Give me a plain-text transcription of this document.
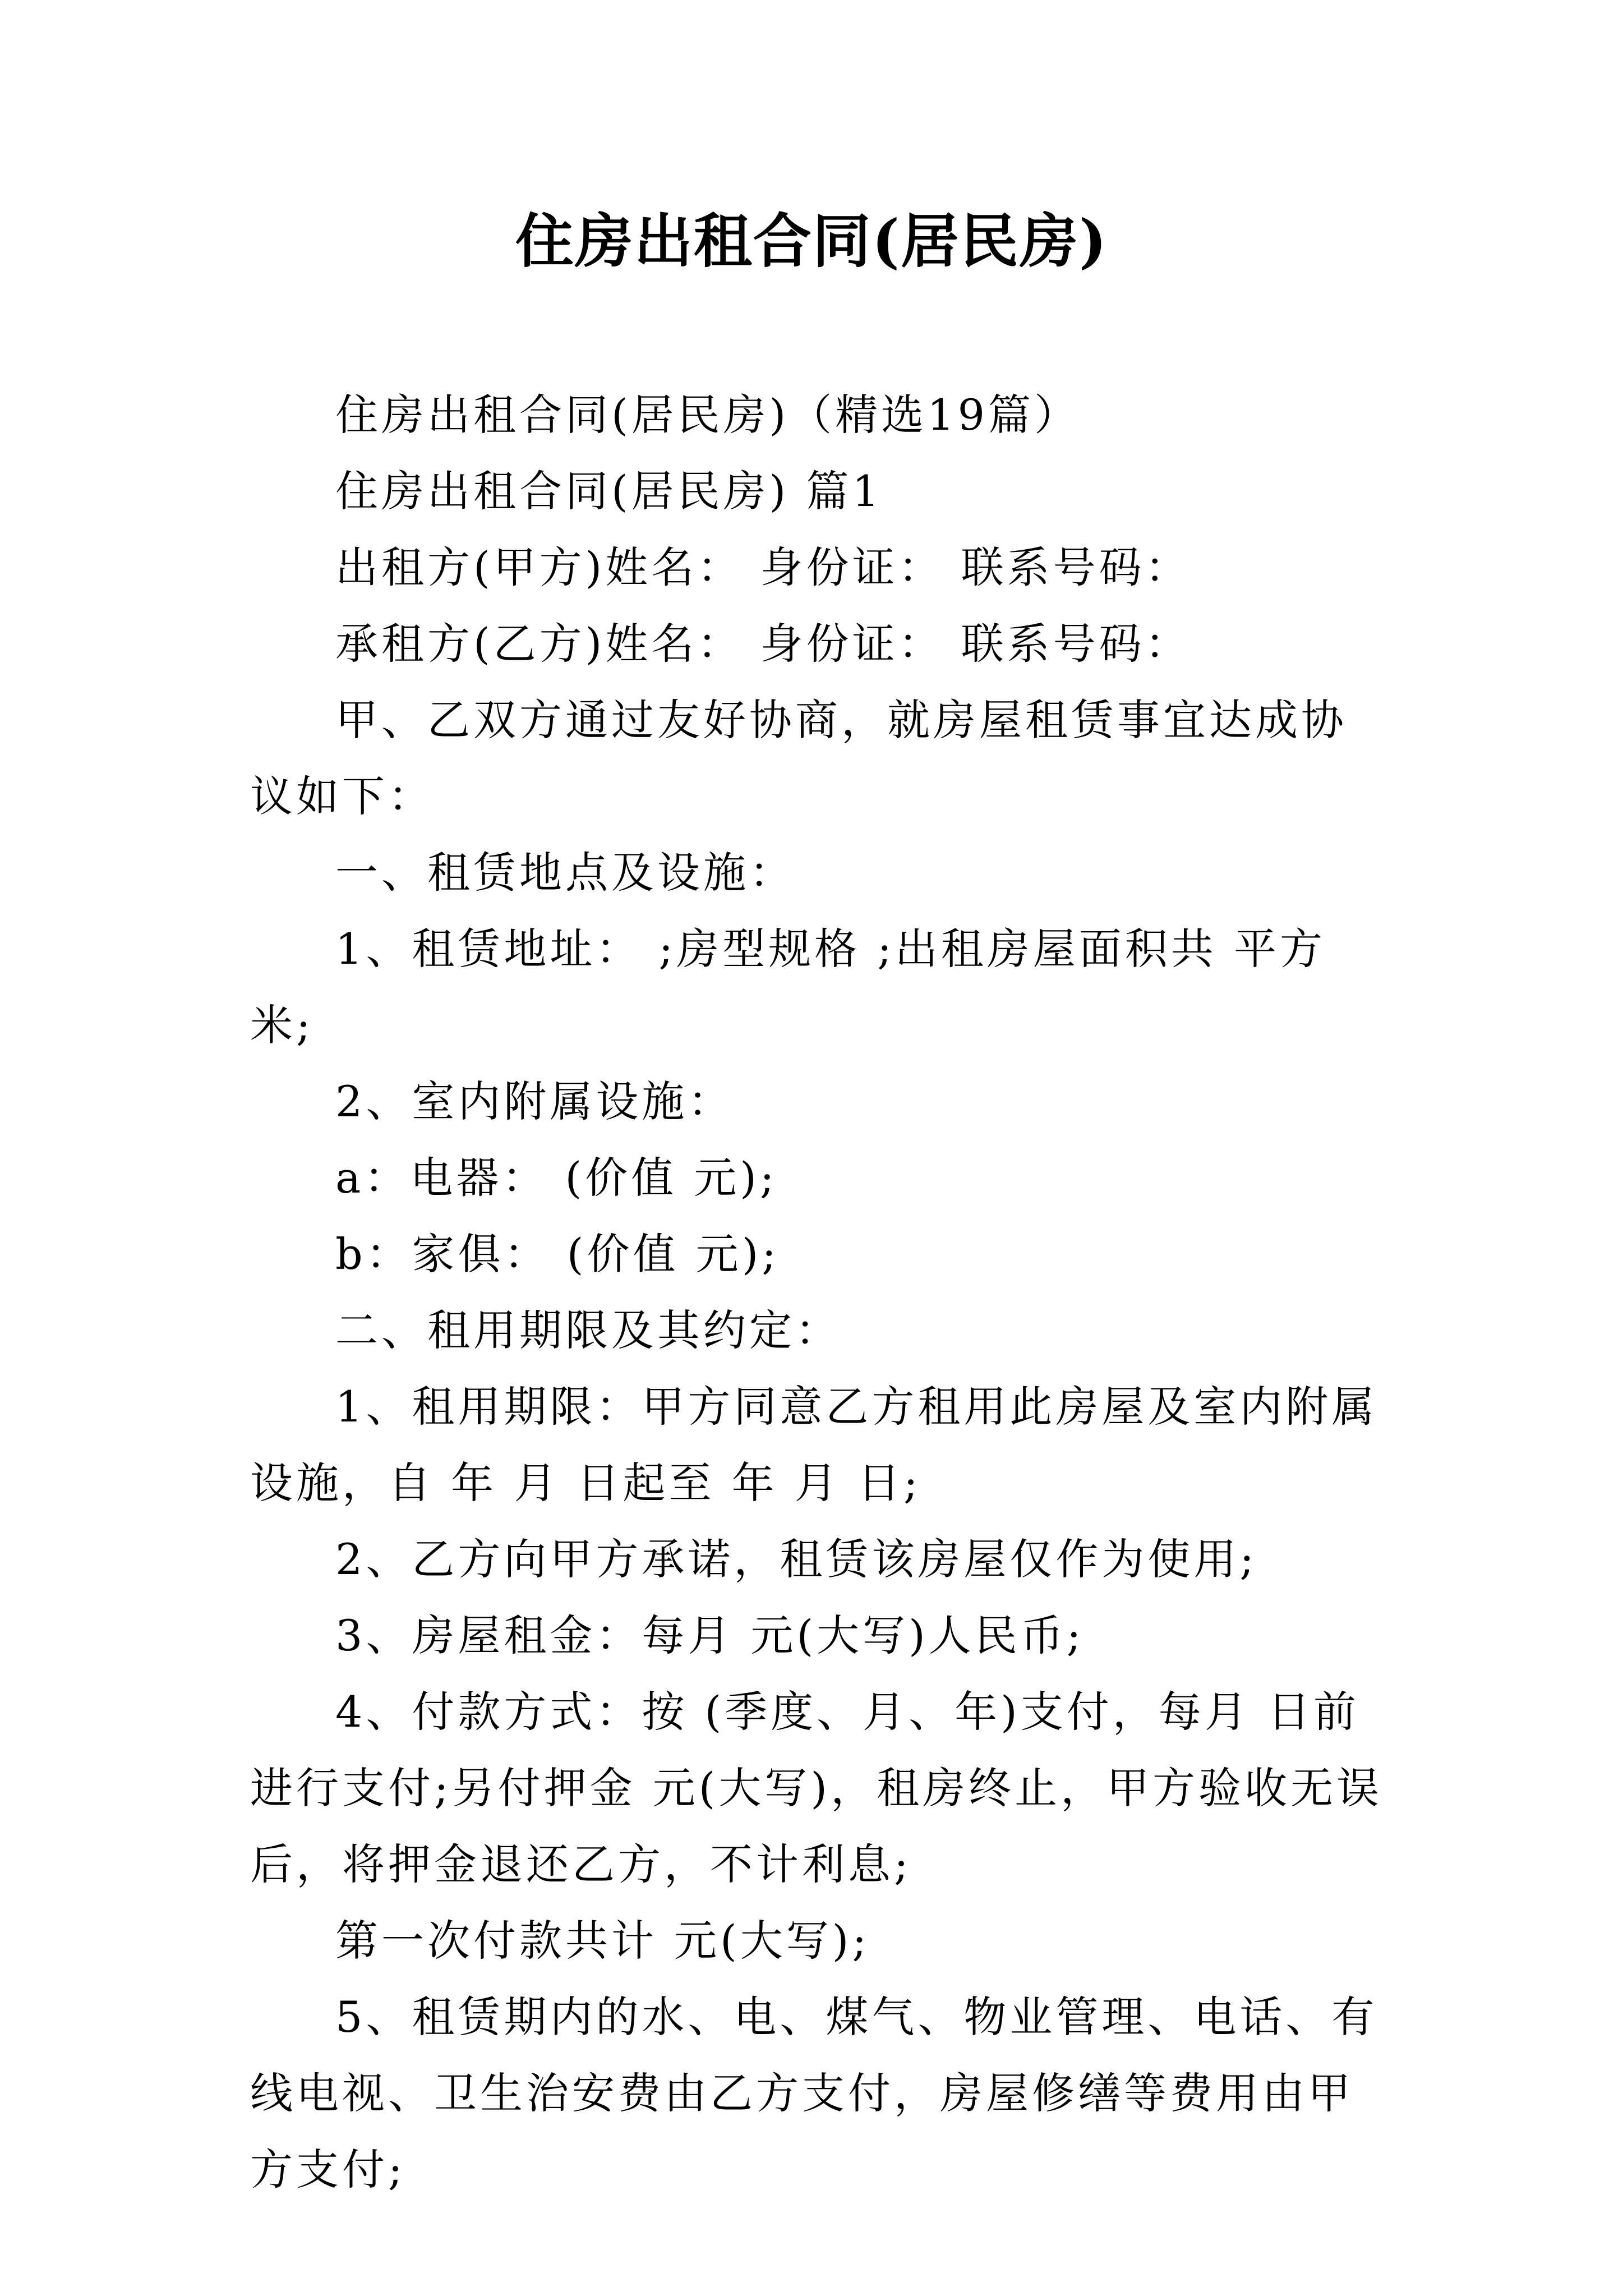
住房出租合同(居民房)

住房出租合同(居民房)（精选19篇）

住房出租合同(居民房) 篇1

出租方(甲方)姓名： 身份证： 联系号码：

承租方(乙方)姓名： 身份证： 联系号码：

甲、乙双方通过友好协商，就房屋租赁事宜达成协议如下：

一、租赁地点及设施：

1、租赁地址： ;房型规格 ;出租房屋面积共 平方米;

2、室内附属设施：

a：电器： (价值 元);

b：家俱： (价值 元);

二、租用期限及其约定：

1、租用期限：甲方同意乙方租用此房屋及室内附属设施，自 年 月 日起至 年 月 日;

2、乙方向甲方承诺，租赁该房屋仅作为使用;

3、房屋租金：每月 元(大写)人民币;

4、付款方式：按 (季度、月、年)支付，每月 日前进行支付;另付押金 元(大写)，租房终止，甲方验收无误后，将押金退还乙方，不计利息;

第一次付款共计 元(大写);

5、租赁期内的水、电、煤气、物业管理、电话、有线电视、卫生治安费由乙方支付，房屋修缮等费用由甲方支付;
